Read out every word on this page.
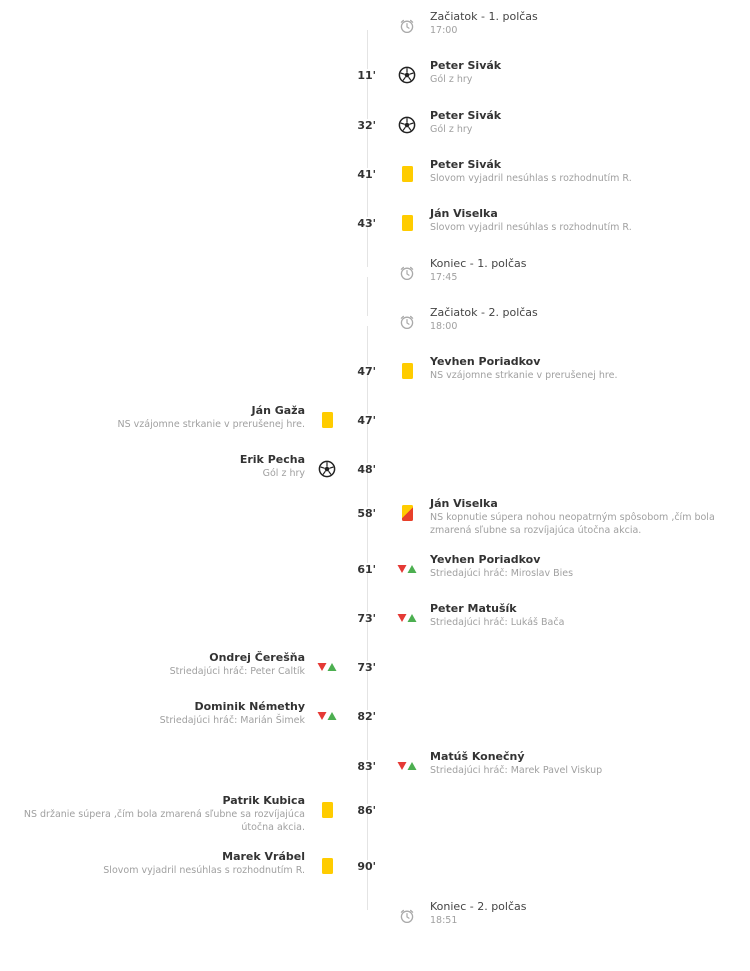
Začiatok - 1. polčas
17:00
11'
Peter Sivák
Gól z hry
32'
Peter Sivák
Gól z hry
41'
Peter Sivák
Slovom vyjadril nesúhlas s rozhodnutím R.
43'
Ján Viselka
Slovom vyjadril nesúhlas s rozhodnutím R.
Koniec - 1. polčas
17:45
Začiatok - 2. polčas
18:00
47'
Yevhen Poriadkov
NS vzájomne strkanie v prerušenej hre.
47'
Ján Gaža
NS vzájomne strkanie v prerušenej hre.
48'
Erik Pecha
Gól z hry
58'
Ján Viselka
NS kopnutie súpera nohou neopatrným spôsobom ,čím bola zmarená sľubne sa rozvíjajúca útočna akcia.
61'
Yevhen Poriadkov
Striedajúci hráč: Miroslav Bies
73'
Peter Matušík
Striedajúci hráč: Lukáš Bača
73'
Ondrej Čerešňa
Striedajúci hráč: Peter Caltík
82'
Dominik Némethy
Striedajúci hráč: Marián Šimek
83'
Matúš Konečný
Striedajúci hráč: Marek Pavel Viskup
86'
Patrik Kubica
NS držanie súpera ,čím bola zmarená sľubne sa rozvíjajúca útočna akcia.
90'
Marek Vrábel
Slovom vyjadril nesúhlas s rozhodnutím R.
Koniec - 2. polčas
18:51
